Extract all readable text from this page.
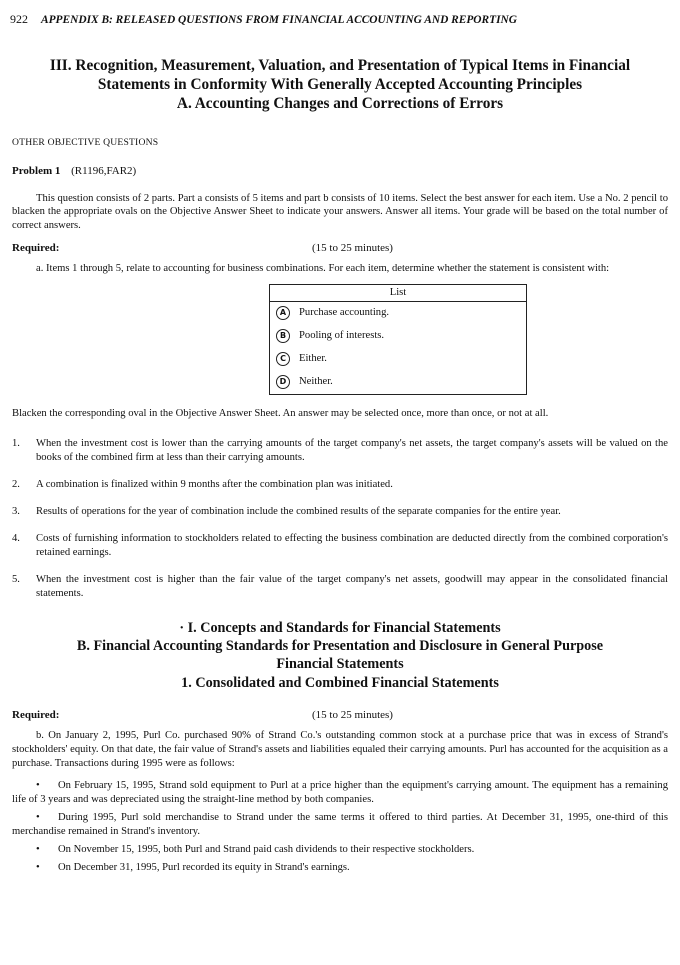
922 APPENDIX B: RELEASED QUESTIONS FROM FINANCIAL ACCOUNTING AND REPORTING
III. Recognition, Measurement, Valuation, and Presentation of Typical Items in Financial
Statements in Conformity With Generally Accepted Accounting Principles
A. Accounting Changes and Corrections of Errors
OTHER OBJECTIVE QUESTIONS
Problem 1 (R1196,FAR2)

This question consists of 2 parts. Part a consists of 5 items and part b consists of 10 items. Select the best answer for each item. Use a No. 2 pencil to blacken the appropriate ovals on the Objective Answer Sheet to indicate your answers. Answer all items. Your grade will be based on the total number of correct answers.

Required:	(15 to 25 minutes)

a. Items 1 through 5, relate to accounting for business combinations. For each item, determine whether the statement is consistent with:

List
A	Purchase accounting.
B	Pooling of interests.
C	Either.
D	Neither.

Blacken the corresponding oval in the Objective Answer Sheet. An answer may be selected once, more than once, or not at all.

1.	When the investment cost is lower than the carrying amounts of the target company's net assets, the target company's assets will be valued on the books of the combined firm at less than their carrying amounts.
2.	A combination is finalized within 9 months after the combination plan was initiated.
3.	Results of operations for the year of combination include the combined results of the separate companies for the entire year.
4.	Costs of furnishing information to stockholders related to effecting the business combination are deducted directly from the combined corporation's retained earnings.
5.	When the investment cost is higher than the fair value of the target company's net assets, goodwill may appear in the consolidated financial statements.
· I. Concepts and Standards for Financial Statements
B. Financial Accounting Standards for Presentation and Disclosure in General Purpose
Financial Statements
1. Consolidated and Combined Financial Statements
Required:	(15 to 25 minutes)

b. On January 2, 1995, Purl Co. purchased 90% of Strand Co.'s outstanding common stock at a purchase price that was in excess of Strand's stockholders' equity. On that date, the fair value of Strand's assets and liabilities equaled their carrying amounts. Purl has accounted for the acquisition as a purchase. Transactions during 1995 were as follows:

• On February 15, 1995, Strand sold equipment to Purl at a price higher than the equipment's carrying amount. The equipment has a remaining life of 3 years and was depreciated using the straight-line method by both companies.
• During 1995, Purl sold merchandise to Strand under the same terms it offered to third parties. At December 31, 1995, one-third of this merchandise remained in Strand's inventory.
• On November 15, 1995, both Purl and Strand paid cash dividends to their respective stockholders.
• On December 31, 1995, Purl recorded its equity in Strand's earnings.
